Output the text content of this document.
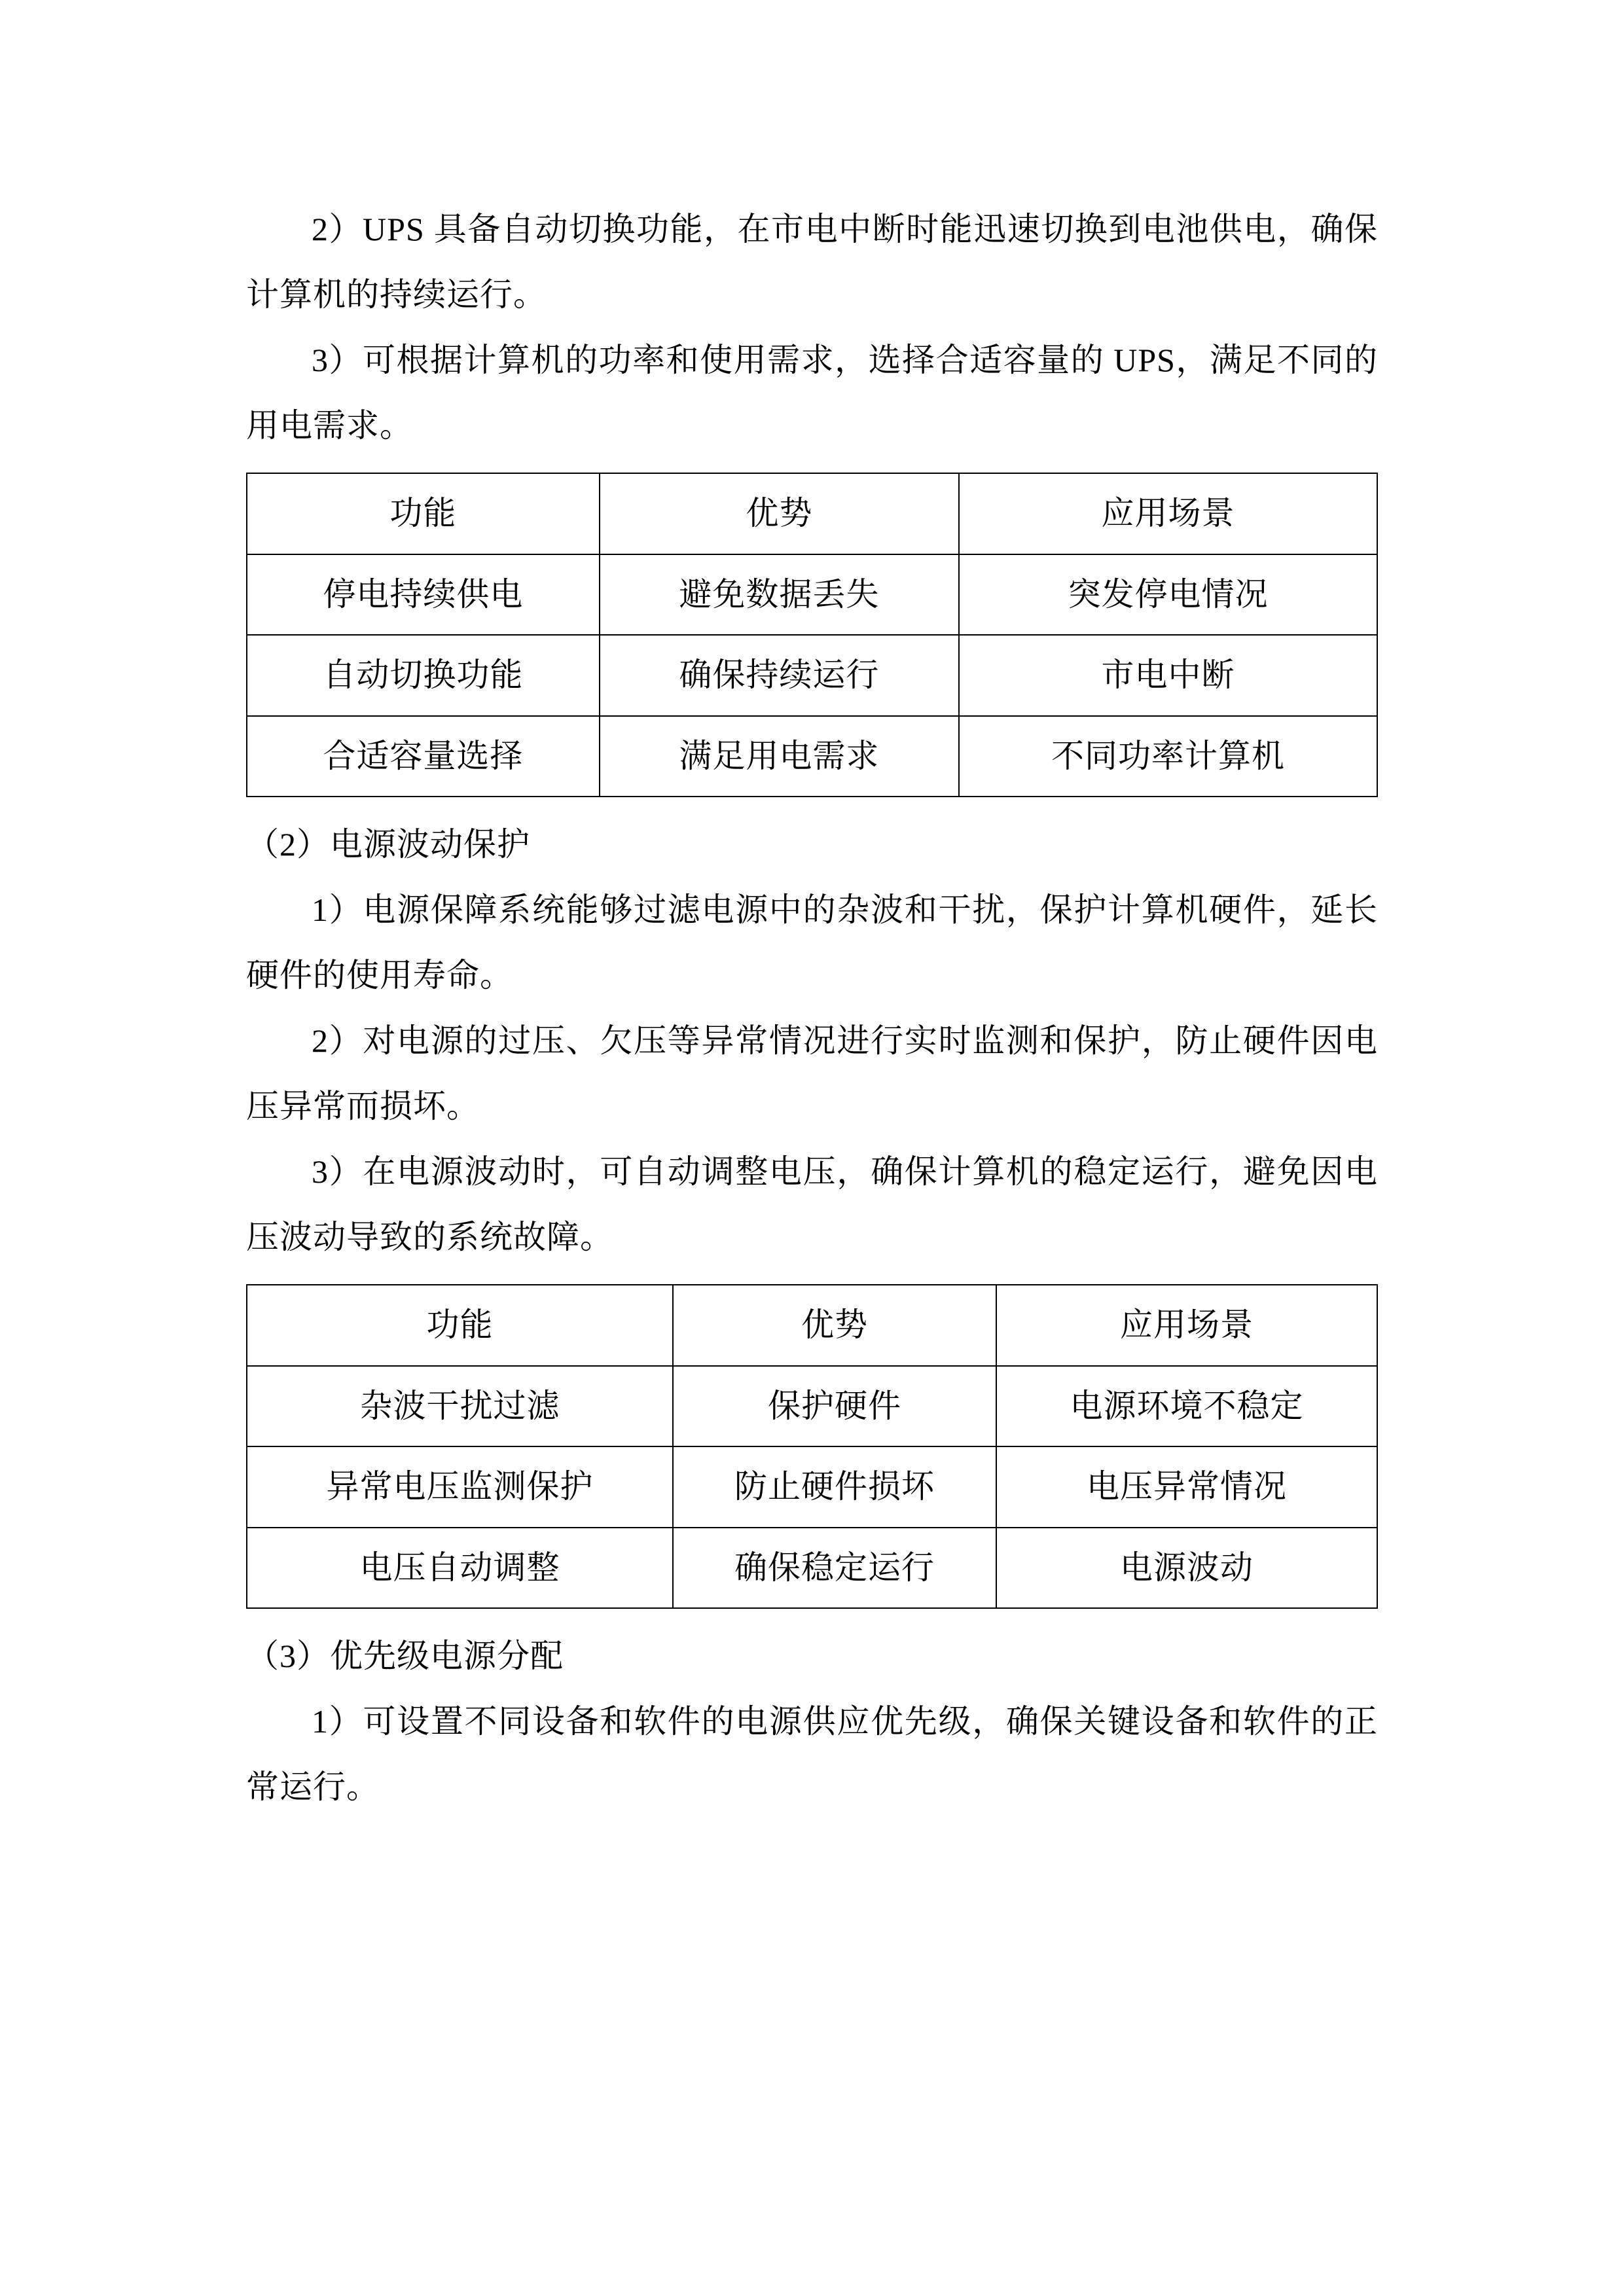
2）UPS 具备自动切换功能，在市电中断时能迅速切换到电池供电，确保计算机的持续运行。

3）可根据计算机的功率和使用需求，选择合适容量的 UPS，满足不同的用电需求。

功能	优势	应用场景
停电持续供电	避免数据丢失	突发停电情况
自动切换功能	确保持续运行	市电中断
合适容量选择	满足用电需求	不同功率计算机

（2）电源波动保护

1）电源保障系统能够过滤电源中的杂波和干扰，保护计算机硬件，延长硬件的使用寿命。

2）对电源的过压、欠压等异常情况进行实时监测和保护，防止硬件因电压异常而损坏。

3）在电源波动时，可自动调整电压，确保计算机的稳定运行，避免因电压波动导致的系统故障。

功能	优势	应用场景
杂波干扰过滤	保护硬件	电源环境不稳定
异常电压监测保护	防止硬件损坏	电压异常情况
电压自动调整	确保稳定运行	电源波动

（3）优先级电源分配

1）可设置不同设备和软件的电源供应优先级，确保关键设备和软件的正常运行。
